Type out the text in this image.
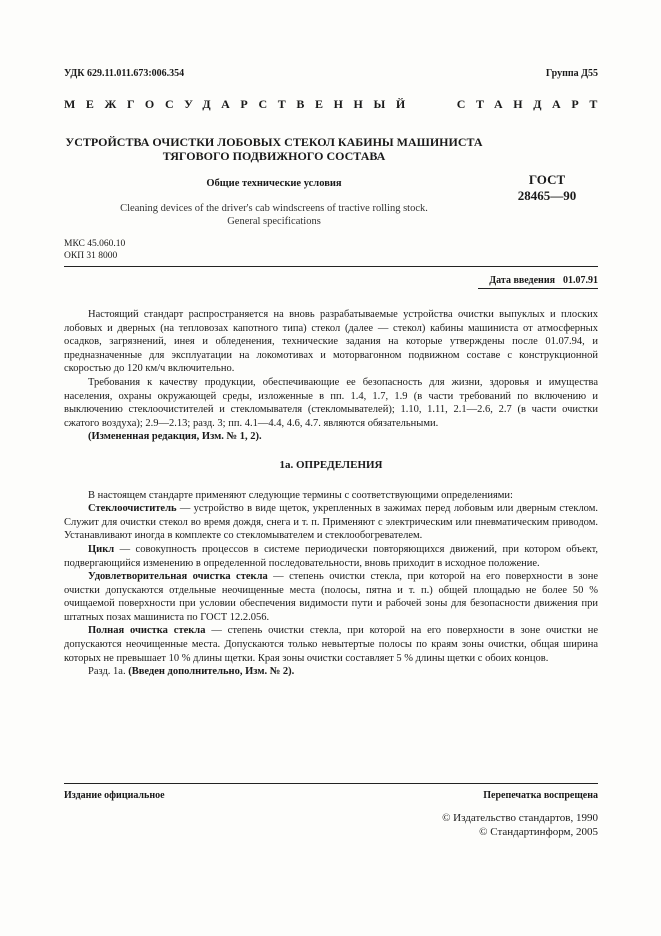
УДК 629.11.011.673:006.354	Группа Д55
МЕЖГОСУДАРСТВЕННЫЙ	СТАНДАРТ
УСТРОЙСТВА ОЧИСТКИ ЛОБОВЫХ СТЕКОЛ КАБИНЫ МАШИНИСТА
ТЯГОВОГО ПОДВИЖНОГО СОСТАВА
Общие технические условия
Cleaning devices of the driver's cab windscreens of tractive rolling stock.
General specifications
ГОСТ
28465—90
МКС 45.060.10
ОКП 31 8000
Дата введения 01.07.91

Настоящий стандарт распространяется на вновь разрабатываемые устройства очистки выпуклых и плоских лобовых и дверных (на тепловозах капотного типа) стекол (далее — стекол) кабины машиниста от атмосферных осадков, загрязнений, инея и обледенения, технические задания на которые утверждены после 01.07.94, и предназначенные для эксплуатации на локомотивах и моторвагонном подвижном составе с конструкционной скоростью до 120 км/ч включительно.

Требования к качеству продукции, обеспечивающие ее безопасность для жизни, здоровья и имущества населения, охраны окружающей среды, изложенные в пп. 1.4, 1.7, 1.9 (в части требований по включению и выключению стеклоочистителей и стекломывателя (стекломывателей); 1.10, 1.11, 2.1—2.6, 2.7 (в части очистки сжатого воздуха); 2.9—2.13; разд. 3; пп. 4.1—4.4, 4.6, 4.7. являются обязательными.

(Измененная редакция, Изм. № 1, 2).

1а. ОПРЕДЕЛЕНИЯ

В настоящем стандарте применяют следующие термины с соответствующими определениями:

Стеклоочиститель — устройство в виде щеток, укрепленных в зажимах перед лобовым или дверным стеклом. Служит для очистки стекол во время дождя, снега и т. п. Применяют с электрическим или пневматическим приводом. Устанавливают иногда в комплекте со стекломывателем и стеклообогревателем.

Цикл — совокупность процессов в системе периодически повторяющихся движений, при котором объект, подвергающийся изменению в определенной последовательности, вновь приходит в исходное положение.

Удовлетворительная очистка стекла — степень очистки стекла, при которой на его поверхности в зоне очистки допускаются отдельные неочищенные места (полосы, пятна и т. п.) общей площадью не более 50 % очищаемой поверхности при условии обеспечения видимости пути и рабочей зоны для безопасности движения при штатных позах машиниста по ГОСТ 12.2.056.

Полная очистка стекла — степень очистки стекла, при которой на его поверхности в зоне очистки не допускаются неочищенные места. Допускаются только невытертые полосы по краям зоны очистки, общая ширина которых не превышает 10 % длины щетки. Края зоны очистки составляет 5 % длины щетки с обоих концов.

Разд. 1а. (Введен дополнительно, Изм. № 2).

Издание официальное	Перепечатка воспрещена
© Издательство стандартов, 1990
© Стандартинформ, 2005
